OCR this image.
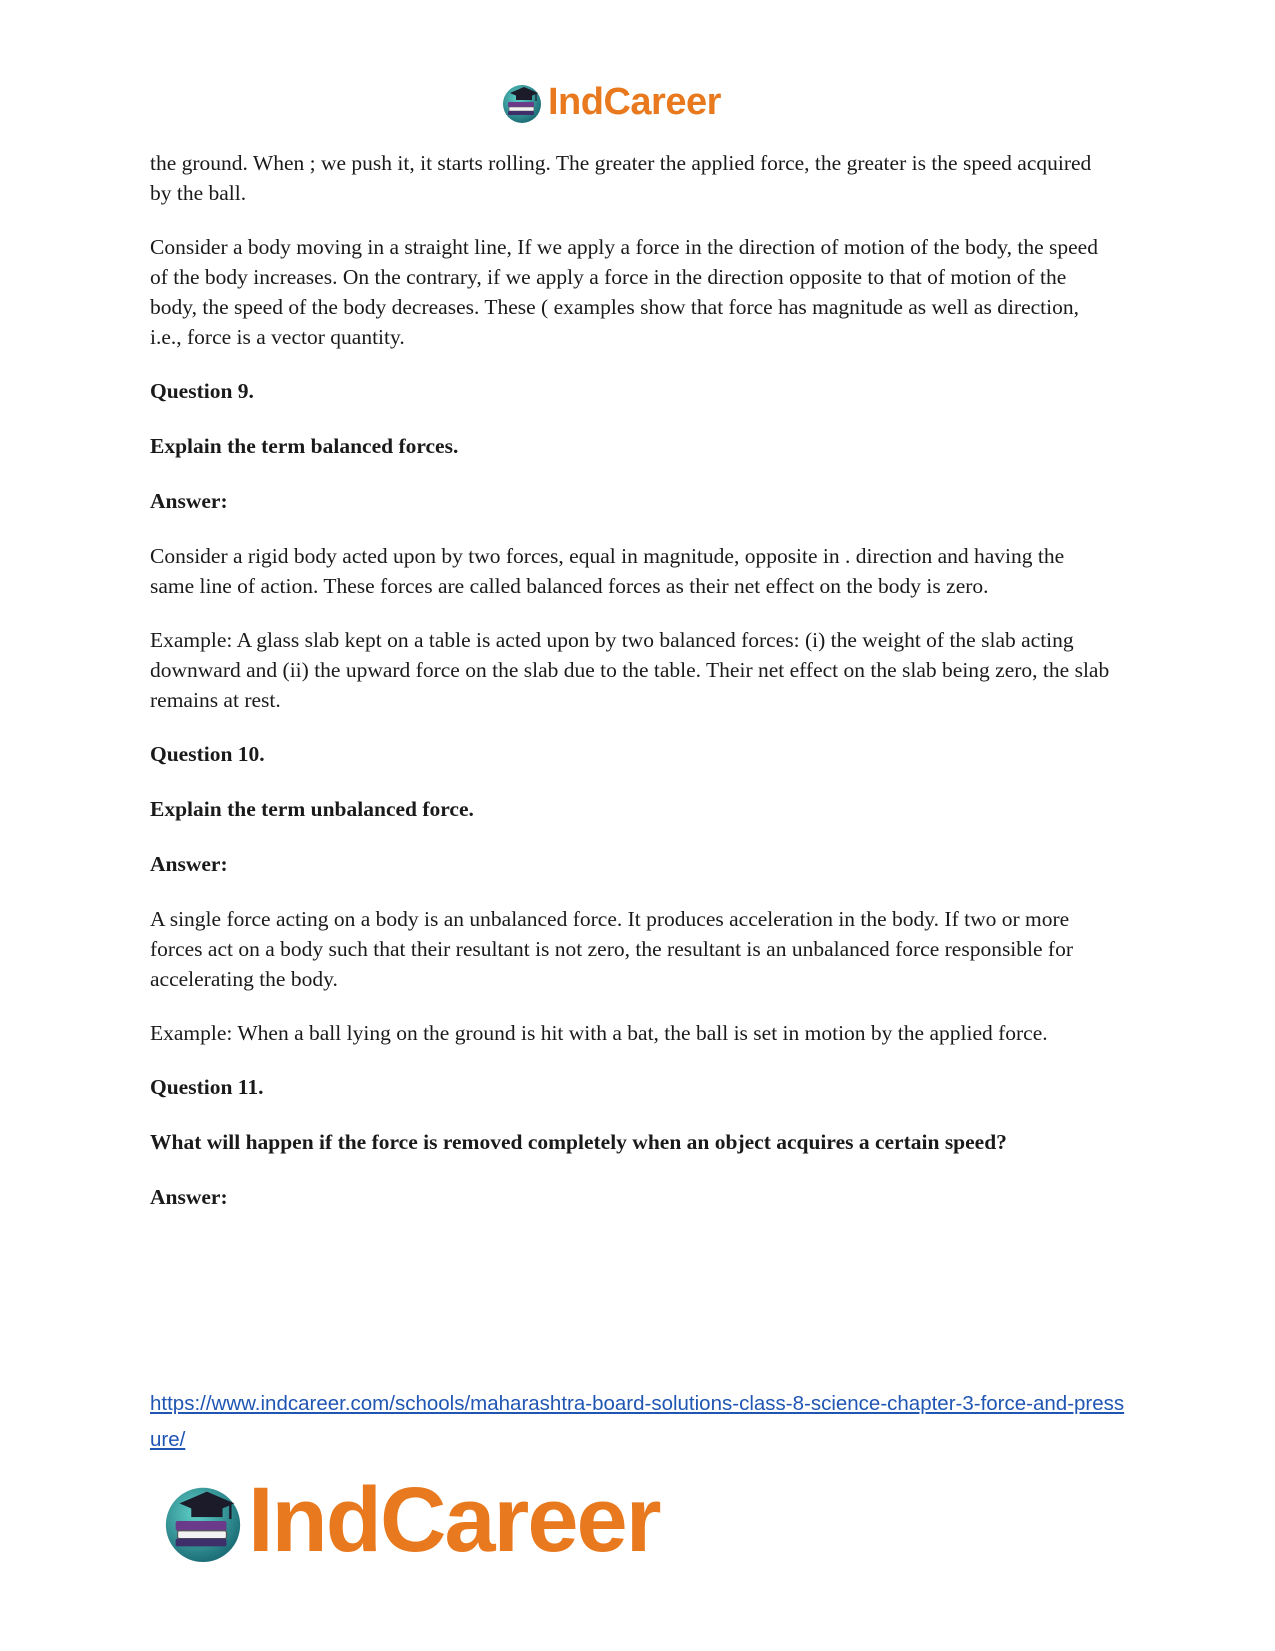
IndCareer

the ground. When ; we push it, it starts rolling. The greater the applied force, the greater is the speed acquired by the ball.

Consider a body moving in a straight line, If we apply a force in the direction of motion of the body, the speed of the body increases. On the contrary, if we apply a force in the direction opposite to that of motion of the body, the speed of the body decreases. These ( examples show that force has magnitude as well as direction, i.e., force is a vector quantity.

Question 9.

Explain the term balanced forces.

Answer:

Consider a rigid body acted upon by two forces, equal in magnitude, opposite in . direction and having the same line of action. These forces are called balanced forces as their net effect on the body is zero.

Example: A glass slab kept on a table is acted upon by two balanced forces: (i) the weight of the slab acting downward and (ii) the upward force on the slab due to the table. Their net effect on the slab being zero, the slab remains at rest.

Question 10.

Explain the term unbalanced force.

Answer:

A single force acting on a body is an unbalanced force. It produces acceleration in the body. If two or more forces act on a body such that their resultant is not zero, the resultant is an unbalanced force responsible for accelerating the body.

Example: When a ball lying on the ground is hit with a bat, the ball is set in motion by the applied force.

Question 11.

What will happen if the force is removed completely when an object acquires a certain speed?

Answer:

https://www.indcareer.com/schools/maharashtra-board-solutions-class-8-science-chapter-3-force-and-pressure/
IndCareer
